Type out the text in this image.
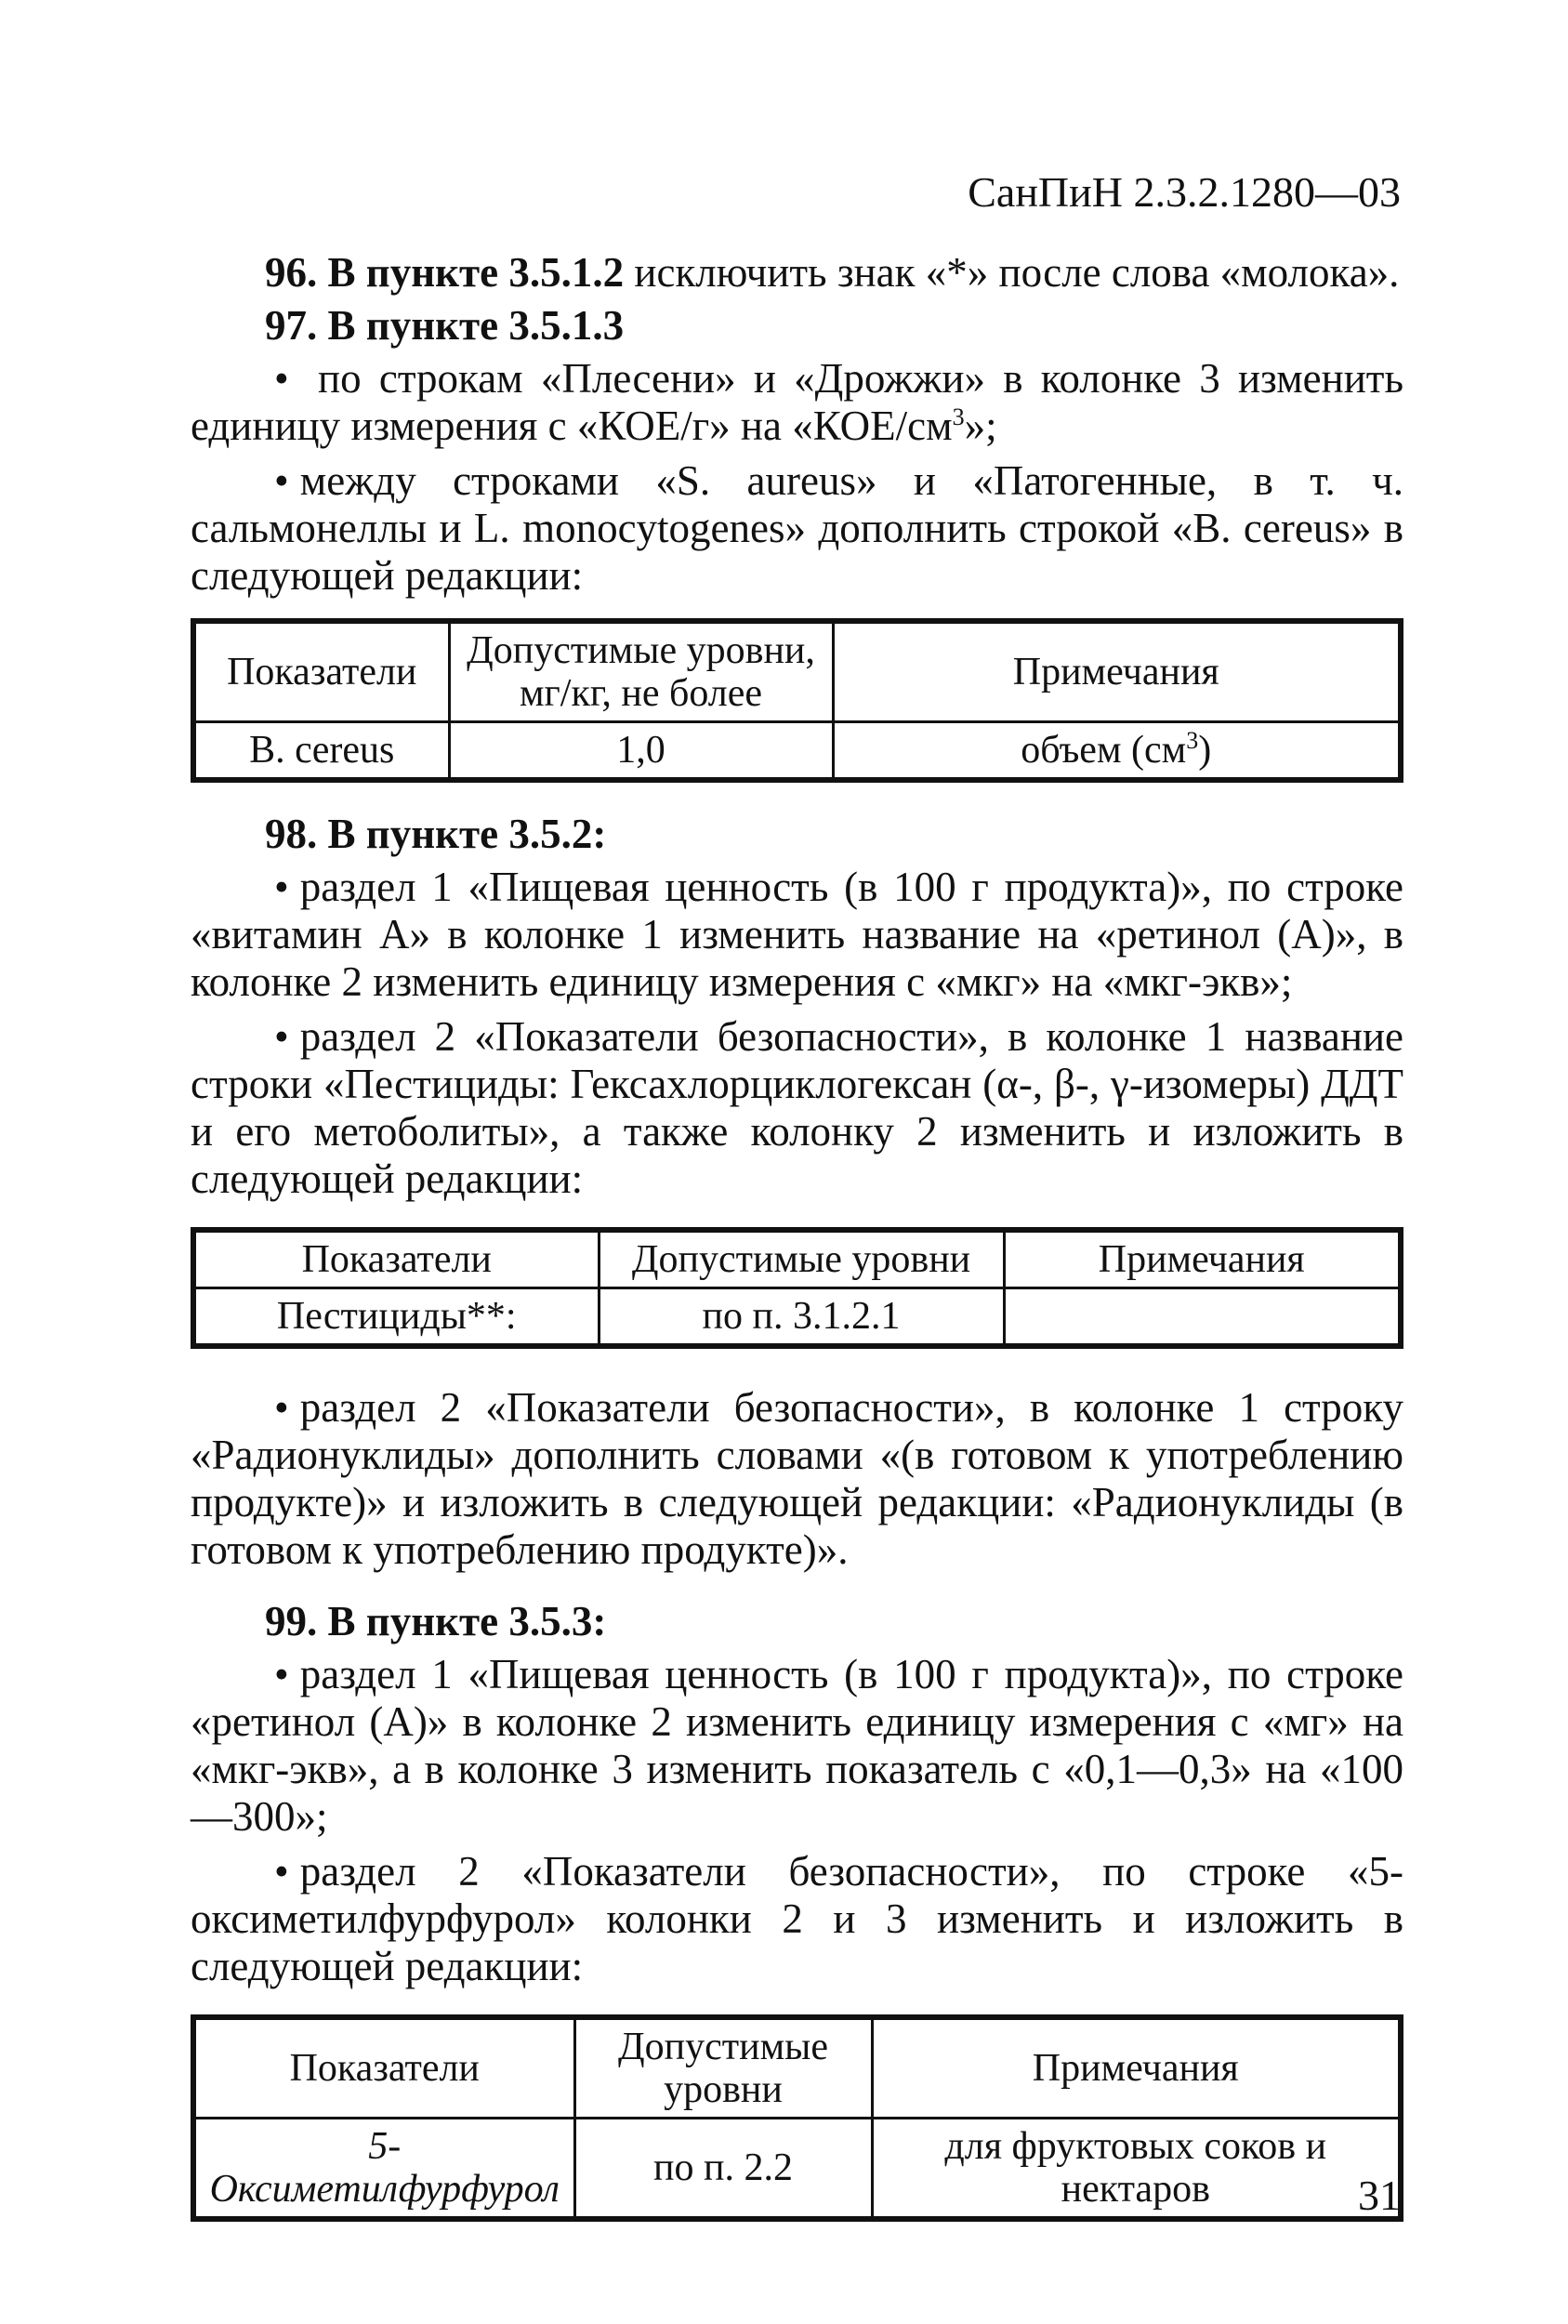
СанПиН 2.3.2.1280—03

96. В пункте 3.5.1.2 исключить знак «*» после слова «молока».

97. В пункте 3.5.1.3

• по строкам «Плесени» и «Дрожжи» в колонке 3 изменить единицу измерения с «КОЕ/г» на «$КОЕ/см^3$»;

• между строками «S. aureus» и «Патогенные, в т. ч. сальмонеллы и L. monocytogenes» дополнить строкой «В. cereus» в следующей редакции:

Показатели	Допустимые уровни, мг/кг, не более	Примечания
В. cereus	1,0	объем $(см^3)$

98. В пункте 3.5.2:

• раздел 1 «Пищевая ценность (в 100 г продукта)», по строке «витамин А» в колонке 1 изменить название на «ретинол (А)», в колонке 2 изменить единицу измерения с «мкг» на «мкг-экв»;

• раздел 2 «Показатели безопасности», в колонке 1 название строки «Пестициды: Гексахлорциклогексан (α-, β-, γ-изомеры) ДДТ и его метоболиты», а также колонку 2 изменить и изложить в следующей редакции:

Показатели	Допустимые уровни	Примечания
Пестициды**:	по п. 3.1.2.1	

• раздел 2 «Показатели безопасности», в колонке 1 строку «Радионуклиды» дополнить словами «(в готовом к употреблению продукте)» и изложить в следующей редакции: «Радионуклиды (в готовом к употреблению продукте)».

99. В пункте 3.5.3:

• раздел 1 «Пищевая ценность (в 100 г продукта)», по строке «ретинол (А)» в колонке 2 изменить единицу измерения с «мг» на «мкг-экв», а в колонке 3 изменить показатель с «0,1—0,3» на «100—300»;

• раздел 2 «Показатели безопасности», по строке «5-оксиметилфурфурол» колонки 2 и 3 изменить и изложить в следующей редакции:

Показатели	Допустимые уровни	Примечания
5-Оксиметилфурфурол	по п. 2.2	для фруктовых соков и нектаров	31
